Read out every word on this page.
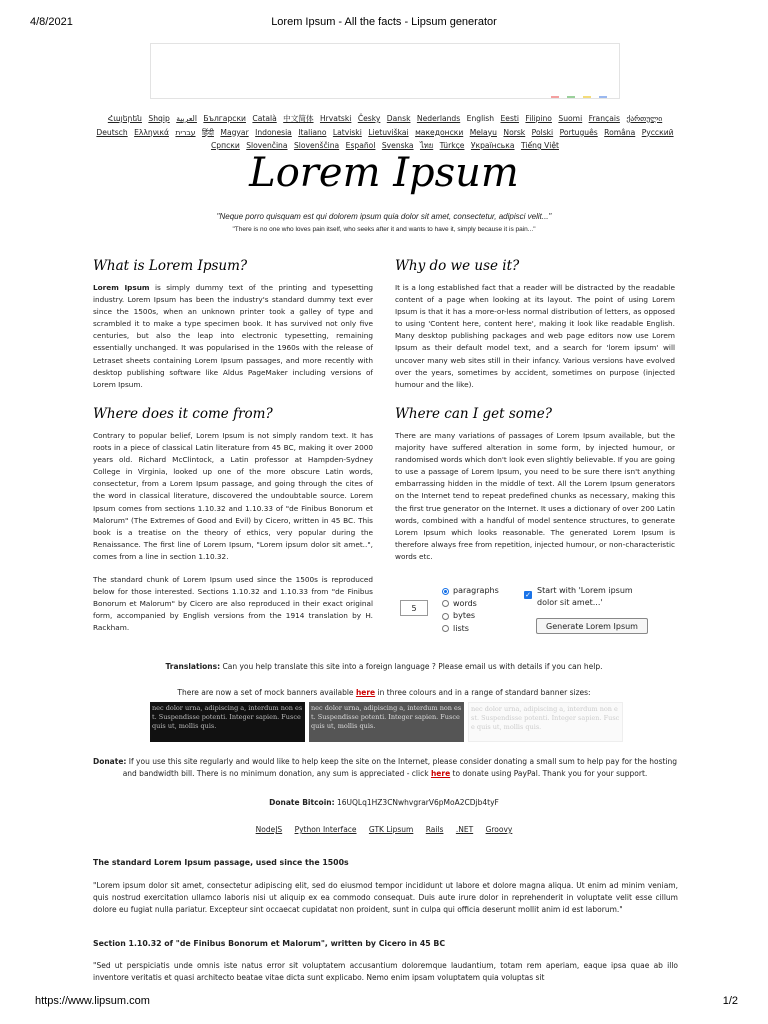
4/8/2021	Lorem Ipsum - All the facts - Lipsum generator
Հայերեն Shqip العربية Български Català 中文简体 Hrvatski Česky Dansk Nederlands English Eesti Filipino Suomi Français ქართული Deutsch Ελληνικά עברית हिंदी Magyar Indonesia Italiano Latviski Lietuviškai македонски Melayu Norsk Polski Português Româna Pyccкий Српски Slovenčina Slovenščina Español Svenska ไทย Türkçe Українська Tiếng Việt
Lorem Ipsum
"Neque porro quisquam est qui dolorem ipsum quia dolor sit amet, consectetur, adipisci velit..."
"There is no one who loves pain itself, who seeks after it and wants to have it, simply because it is pain..."
What is Lorem Ipsum?

Lorem Ipsum is simply dummy text of the printing and typesetting industry. Lorem Ipsum has been the industry's standard dummy text ever since the 1500s, when an unknown printer took a galley of type and scrambled it to make a type specimen book. It has survived not only five centuries, but also the leap into electronic typesetting, remaining essentially unchanged. It was popularised in the 1960s with the release of Letraset sheets containing Lorem Ipsum passages, and more recently with desktop publishing software like Aldus PageMaker including versions of Lorem Ipsum.

Why do we use it?

It is a long established fact that a reader will be distracted by the readable content of a page when looking at its layout. The point of using Lorem Ipsum is that it has a more-or-less normal distribution of letters, as opposed to using 'Content here, content here', making it look like readable English. Many desktop publishing packages and web page editors now use Lorem Ipsum as their default model text, and a search for 'lorem ipsum' will uncover many web sites still in their infancy. Various versions have evolved over the years, sometimes by accident, sometimes on purpose (injected humour and the like).

Where does it come from?

Contrary to popular belief, Lorem Ipsum is not simply random text. It has roots in a piece of classical Latin literature from 45 BC, making it over 2000 years old. Richard McClintock, a Latin professor at Hampden-Sydney College in Virginia, looked up one of the more obscure Latin words, consectetur, from a Lorem Ipsum passage, and going through the cites of the word in classical literature, discovered the undoubtable source. Lorem Ipsum comes from sections 1.10.32 and 1.10.33 of "de Finibus Bonorum et Malorum" (The Extremes of Good and Evil) by Cicero, written in 45 BC. This book is a treatise on the theory of ethics, very popular during the Renaissance. The first line of Lorem Ipsum, "Lorem ipsum dolor sit amet..", comes from a line in section 1.10.32.

The standard chunk of Lorem Ipsum used since the 1500s is reproduced below for those interested. Sections 1.10.32 and 1.10.33 from "de Finibus Bonorum et Malorum" by Cicero are also reproduced in their exact original form, accompanied by English versions from the 1914 translation by H. Rackham.

Where can I get some?

There are many variations of passages of Lorem Ipsum available, but the majority have suffered alteration in some form, by injected humour, or randomised words which don't look even slightly believable. If you are going to use a passage of Lorem Ipsum, you need to be sure there isn't anything embarrassing hidden in the middle of text. All the Lorem Ipsum generators on the Internet tend to repeat predefined chunks as necessary, making this the first true generator on the Internet. It uses a dictionary of over 200 Latin words, combined with a handful of model sentence structures, to generate Lorem Ipsum which looks reasonable. The generated Lorem Ipsum is therefore always free from repetition, injected humour, or non-characteristic words etc.

5
paragraphs
words
bytes
lists
✓ Start with 'Lorem ipsum dolor sit amet...'
Generate Lorem Ipsum
Translations: Can you help translate this site into a foreign language ? Please email us with details if you can help.
There are now a set of mock banners available here in three colours and in a range of standard banner sizes:
nec dolor urna, adipiscing a, interdum non est. Suspendisse potenti. Integer sapien. Fusce quis ut, mollis quis.
nec dolor urna, adipiscing a, interdum non est. Suspendisse potenti. Integer sapien. Fusce quis ut, mollis quis.
nec dolor urna, adipiscing a, interdum non est. Suspendisse potenti. Integer sapien. Fusce quis ut, mollis quis.
Donate: If you use this site regularly and would like to help keep the site on the Internet, please consider donating a small sum to help pay for the hosting and bandwidth bill. There is no minimum donation, any sum is appreciated - click here to donate using PayPal. Thank you for your support.
Donate Bitcoin: 16UQLq1HZ3CNwhvgrarV6pMoA2CDjb4tyF
NodeJS Python Interface GTK Lipsum Rails .NET Groovy
The standard Lorem Ipsum passage, used since the 1500s

"Lorem ipsum dolor sit amet, consectetur adipiscing elit, sed do eiusmod tempor incididunt ut labore et dolore magna aliqua. Ut enim ad minim veniam, quis nostrud exercitation ullamco laboris nisi ut aliquip ex ea commodo consequat. Duis aute irure dolor in reprehenderit in voluptate velit esse cillum dolore eu fugiat nulla pariatur. Excepteur sint occaecat cupidatat non proident, sunt in culpa qui officia deserunt mollit anim id est laborum."

Section 1.10.32 of "de Finibus Bonorum et Malorum", written by Cicero in 45 BC

"Sed ut perspiciatis unde omnis iste natus error sit voluptatem accusantium doloremque laudantium, totam rem aperiam, eaque ipsa quae ab illo inventore veritatis et quasi architecto beatae vitae dicta sunt explicabo. Nemo enim ipsam voluptatem quia voluptas sit

https://www.lipsum.com	1/2
